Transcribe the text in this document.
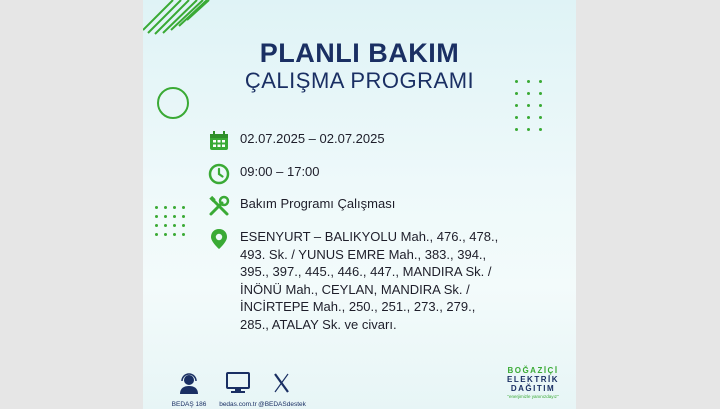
PLANLI BAKIM
ÇALIŞMA PROGRAMI
02.07.2025 – 02.07.2025
09:00 – 17:00
Bakım Programı Çalışması
ESENYURT – BALIKYOLU Mah., 476., 478.,
493. Sk. / YUNUS EMRE Mah., 383., 394.,
395., 397., 445., 446., 447., MANDIRA Sk. /
İNÖNÜ Mah., CEYLAN, MANDIRA Sk. /
İNCİRTEPE Mah., 250., 251., 273., 279.,
285., ATALAY Sk. ve civarı.
BEDAŞ 186 bedas.com.tr @BEDASdestek
BOĞAZİÇİ
ELEKTRİK
DAĞITIM
"enerjimizle yanınızdayız"
